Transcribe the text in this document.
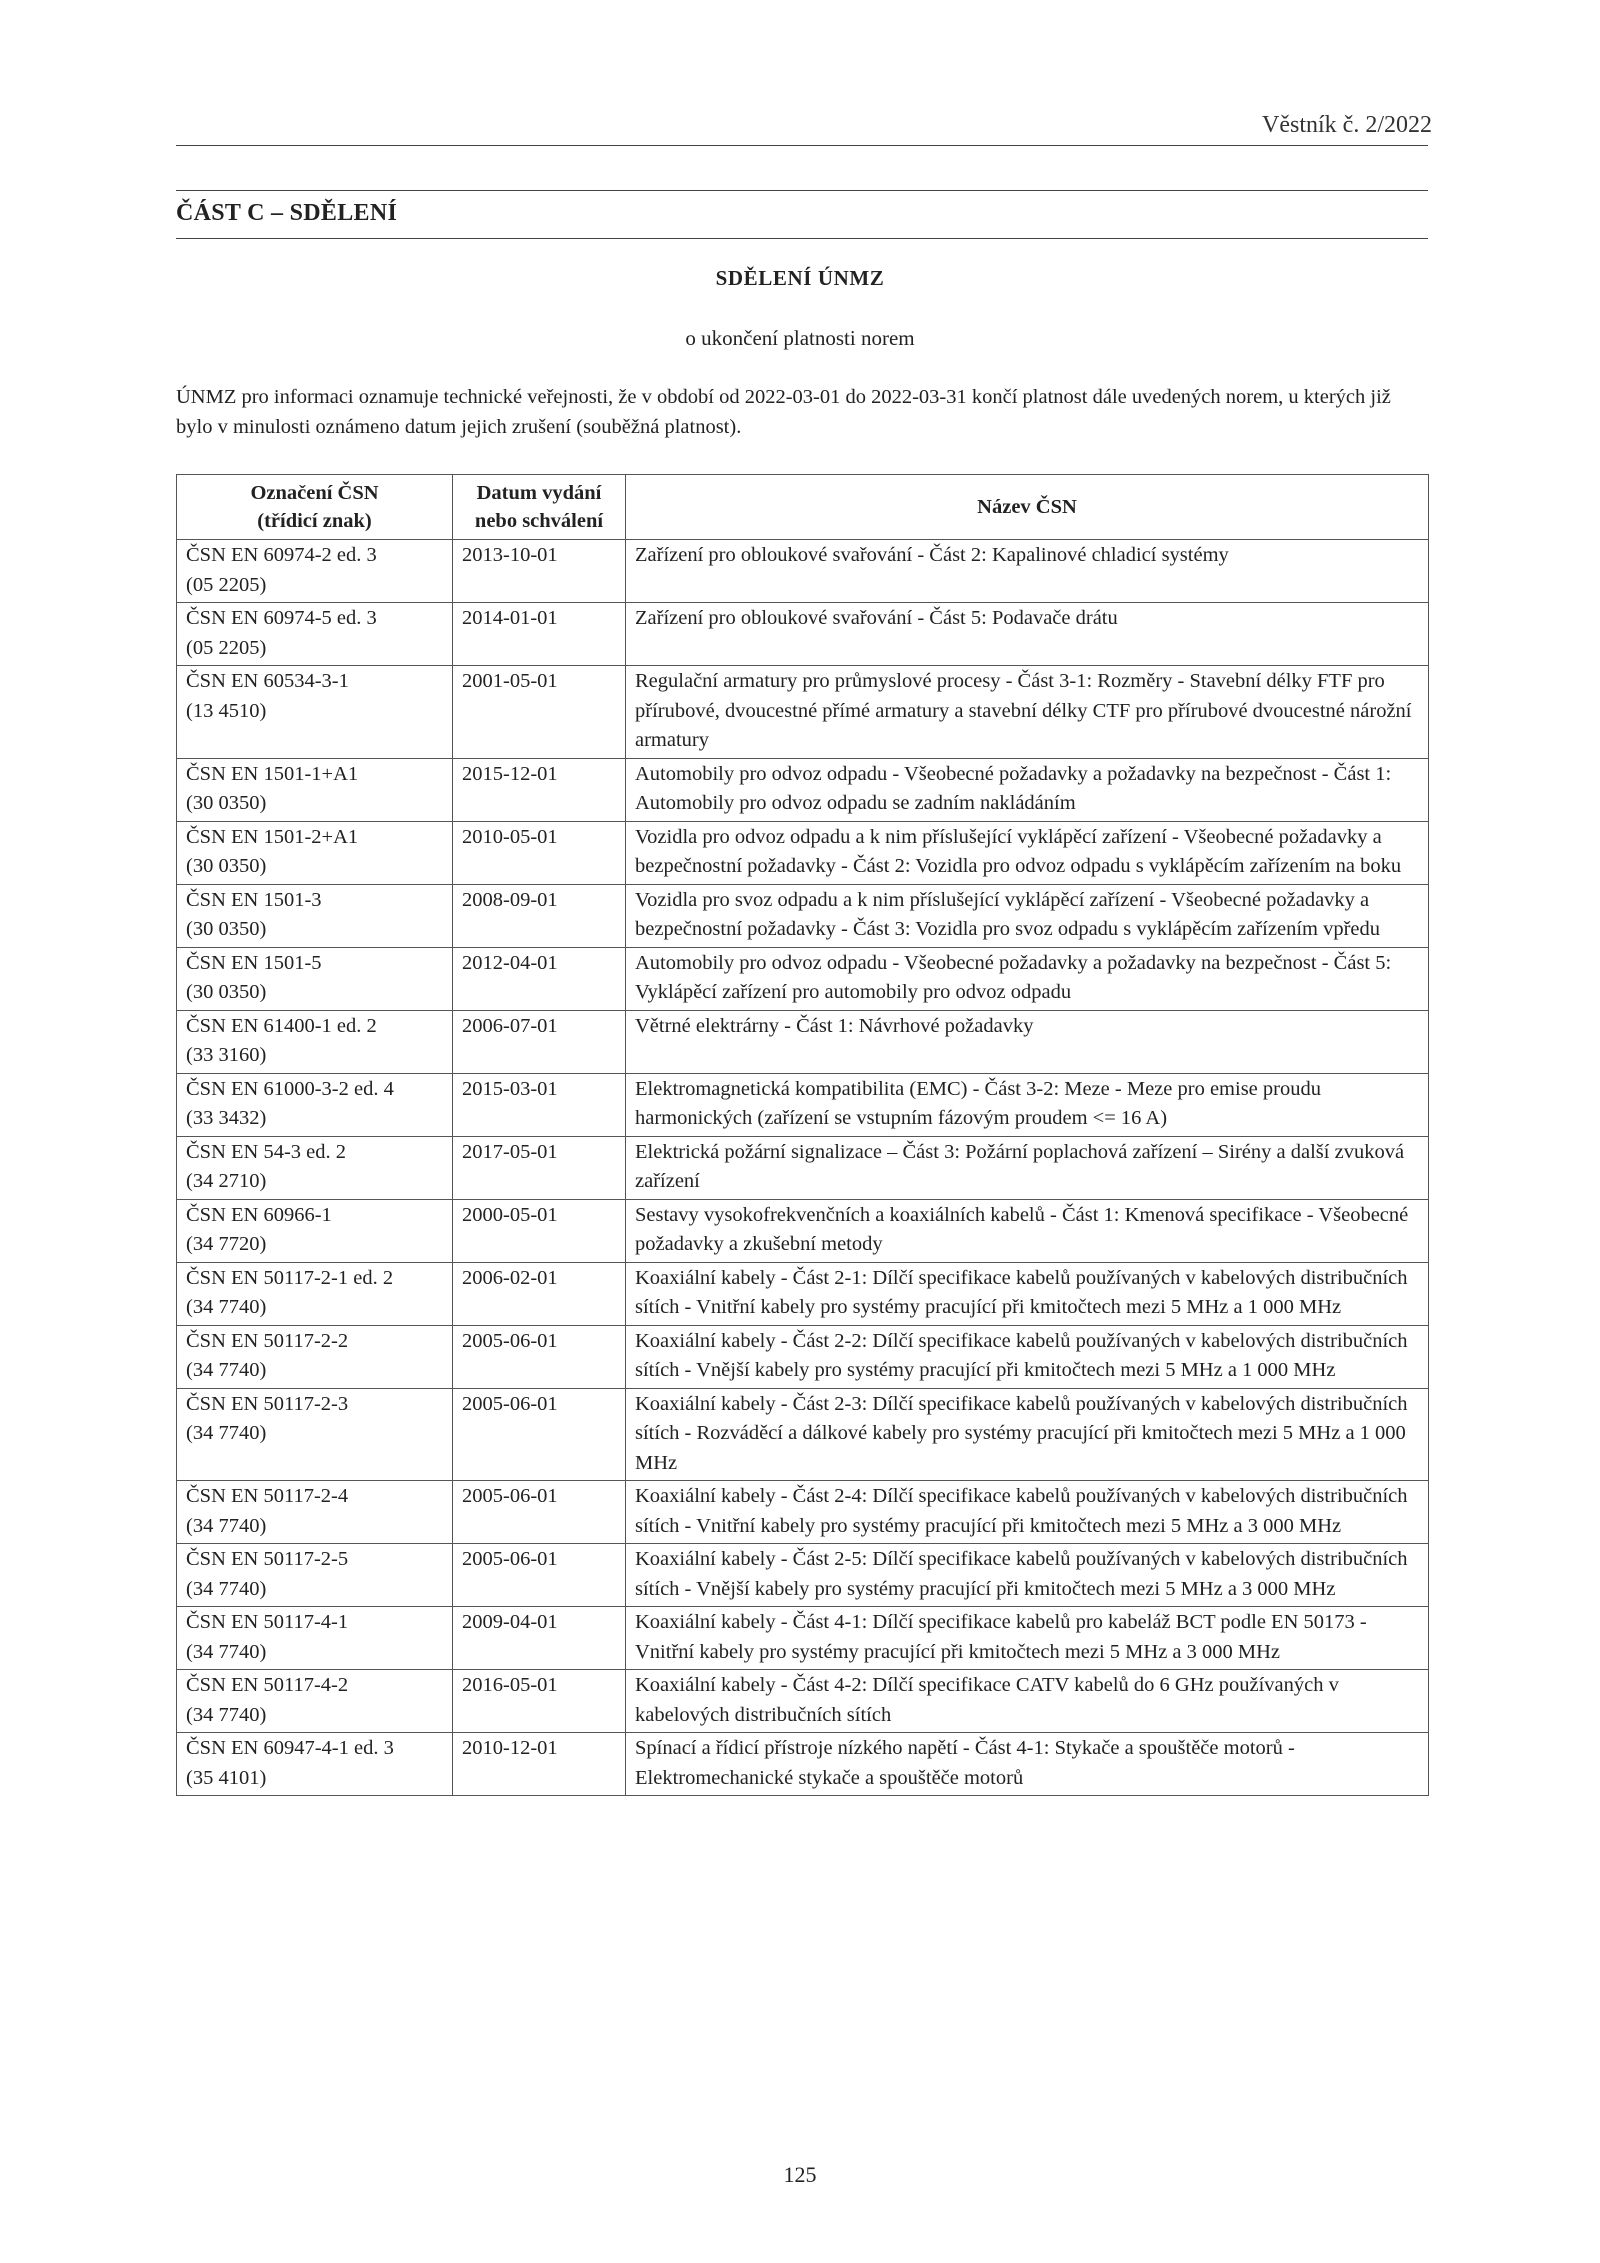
Věstník č. 2/2022
ČÁST C – SDĚLENÍ
SDĚLENÍ ÚNMZ
o ukončení platnosti norem
ÚNMZ pro informaci oznamuje technické veřejnosti, že v období od 2022-03-01 do 2022-03-31 končí platnost dále uvedených norem, u kterých již bylo v minulosti oznámeno datum jejich zrušení (souběžná platnost).
Označení ČSN
(třídicí znak)	Datum vydání
nebo schválení	Název ČSN

ČSN EN 60974-2 ed. 3
(05 2205)	2013-10-01	Zařízení pro obloukové svařování - Část 2: Kapalinové chladicí systémy

ČSN EN 60974-5 ed. 3
(05 2205)	2014-01-01	Zařízení pro obloukové svařování - Část 5: Podavače drátu

ČSN EN 60534-3-1
(13 4510)	2001-05-01	Regulační armatury pro průmyslové procesy - Část 3-1: Rozměry - Stavební délky FTF pro přírubové, dvoucestné přímé armatury a stavební délky CTF pro přírubové dvoucestné nárožní armatury

ČSN EN 1501-1+A1
(30 0350)	2015-12-01	Automobily pro odvoz odpadu - Všeobecné požadavky a požadavky na bezpečnost - Část 1: Automobily pro odvoz odpadu se zadním nakládáním

ČSN EN 1501-2+A1
(30 0350)	2010-05-01	Vozidla pro odvoz odpadu a k nim příslušející vyklápěcí zařízení - Všeobecné požadavky a bezpečnostní požadavky - Část 2: Vozidla pro odvoz odpadu s vyklápěcím zařízením na boku

ČSN EN 1501-3
(30 0350)	2008-09-01	Vozidla pro svoz odpadu a k nim příslušející vyklápěcí zařízení - Všeobecné požadavky a bezpečnostní požadavky - Část 3: Vozidla pro svoz odpadu s vyklápěcím zařízením vpředu

ČSN EN 1501-5
(30 0350)	2012-04-01	Automobily pro odvoz odpadu - Všeobecné požadavky a požadavky na bezpečnost - Část 5: Vyklápěcí zařízení pro automobily pro odvoz odpadu

ČSN EN 61400-1 ed. 2
(33 3160)	2006-07-01	Větrné elektrárny - Část 1: Návrhové požadavky

ČSN EN 61000-3-2 ed. 4
(33 3432)	2015-03-01	Elektromagnetická kompatibilita (EMC) - Část 3-2: Meze - Meze pro emise proudu harmonických (zařízení se vstupním fázovým proudem <= 16 A)

ČSN EN 54-3 ed. 2
(34 2710)	2017-05-01	Elektrická požární signalizace – Část 3: Požární poplachová zařízení – Sirény a další zvuková zařízení

ČSN EN 60966-1
(34 7720)	2000-05-01	Sestavy vysokofrekvenčních a koaxiálních kabelů - Část 1: Kmenová specifikace - Všeobecné požadavky a zkušební metody

ČSN EN 50117-2-1 ed. 2
(34 7740)	2006-02-01	Koaxiální kabely - Část 2-1: Dílčí specifikace kabelů používaných v kabelových distribučních sítích - Vnitřní kabely pro systémy pracující při kmitočtech mezi 5 MHz a 1 000 MHz

ČSN EN 50117-2-2
(34 7740)	2005-06-01	Koaxiální kabely - Část 2-2: Dílčí specifikace kabelů používaných v kabelových distribučních sítích - Vnější kabely pro systémy pracující při kmitočtech mezi 5 MHz a 1 000 MHz

ČSN EN 50117-2-3
(34 7740)	2005-06-01	Koaxiální kabely - Část 2-3: Dílčí specifikace kabelů používaných v kabelových distribučních sítích - Rozváděcí a dálkové kabely pro systémy pracující při kmitočtech mezi 5 MHz a 1 000 MHz

ČSN EN 50117-2-4
(34 7740)	2005-06-01	Koaxiální kabely - Část 2-4: Dílčí specifikace kabelů používaných v kabelových distribučních sítích - Vnitřní kabely pro systémy pracující při kmitočtech mezi 5 MHz a 3 000 MHz

ČSN EN 50117-2-5
(34 7740)	2005-06-01	Koaxiální kabely - Část 2-5: Dílčí specifikace kabelů používaných v kabelových distribučních sítích - Vnější kabely pro systémy pracující při kmitočtech mezi 5 MHz a 3 000 MHz

ČSN EN 50117-4-1
(34 7740)	2009-04-01	Koaxiální kabely - Část 4-1: Dílčí specifikace kabelů pro kabeláž BCT podle EN 50173 - Vnitřní kabely pro systémy pracující při kmitočtech mezi 5 MHz a 3 000 MHz

ČSN EN 50117-4-2
(34 7740)	2016-05-01	Koaxiální kabely - Část 4-2: Dílčí specifikace CATV kabelů do 6 GHz používaných v kabelových distribučních sítích

ČSN EN 60947-4-1 ed. 3
(35 4101)	2010-12-01	Spínací a řídicí přístroje nízkého napětí - Část 4-1: Stykače a spouštěče motorů - Elektromechanické stykače a spouštěče motorů
125
